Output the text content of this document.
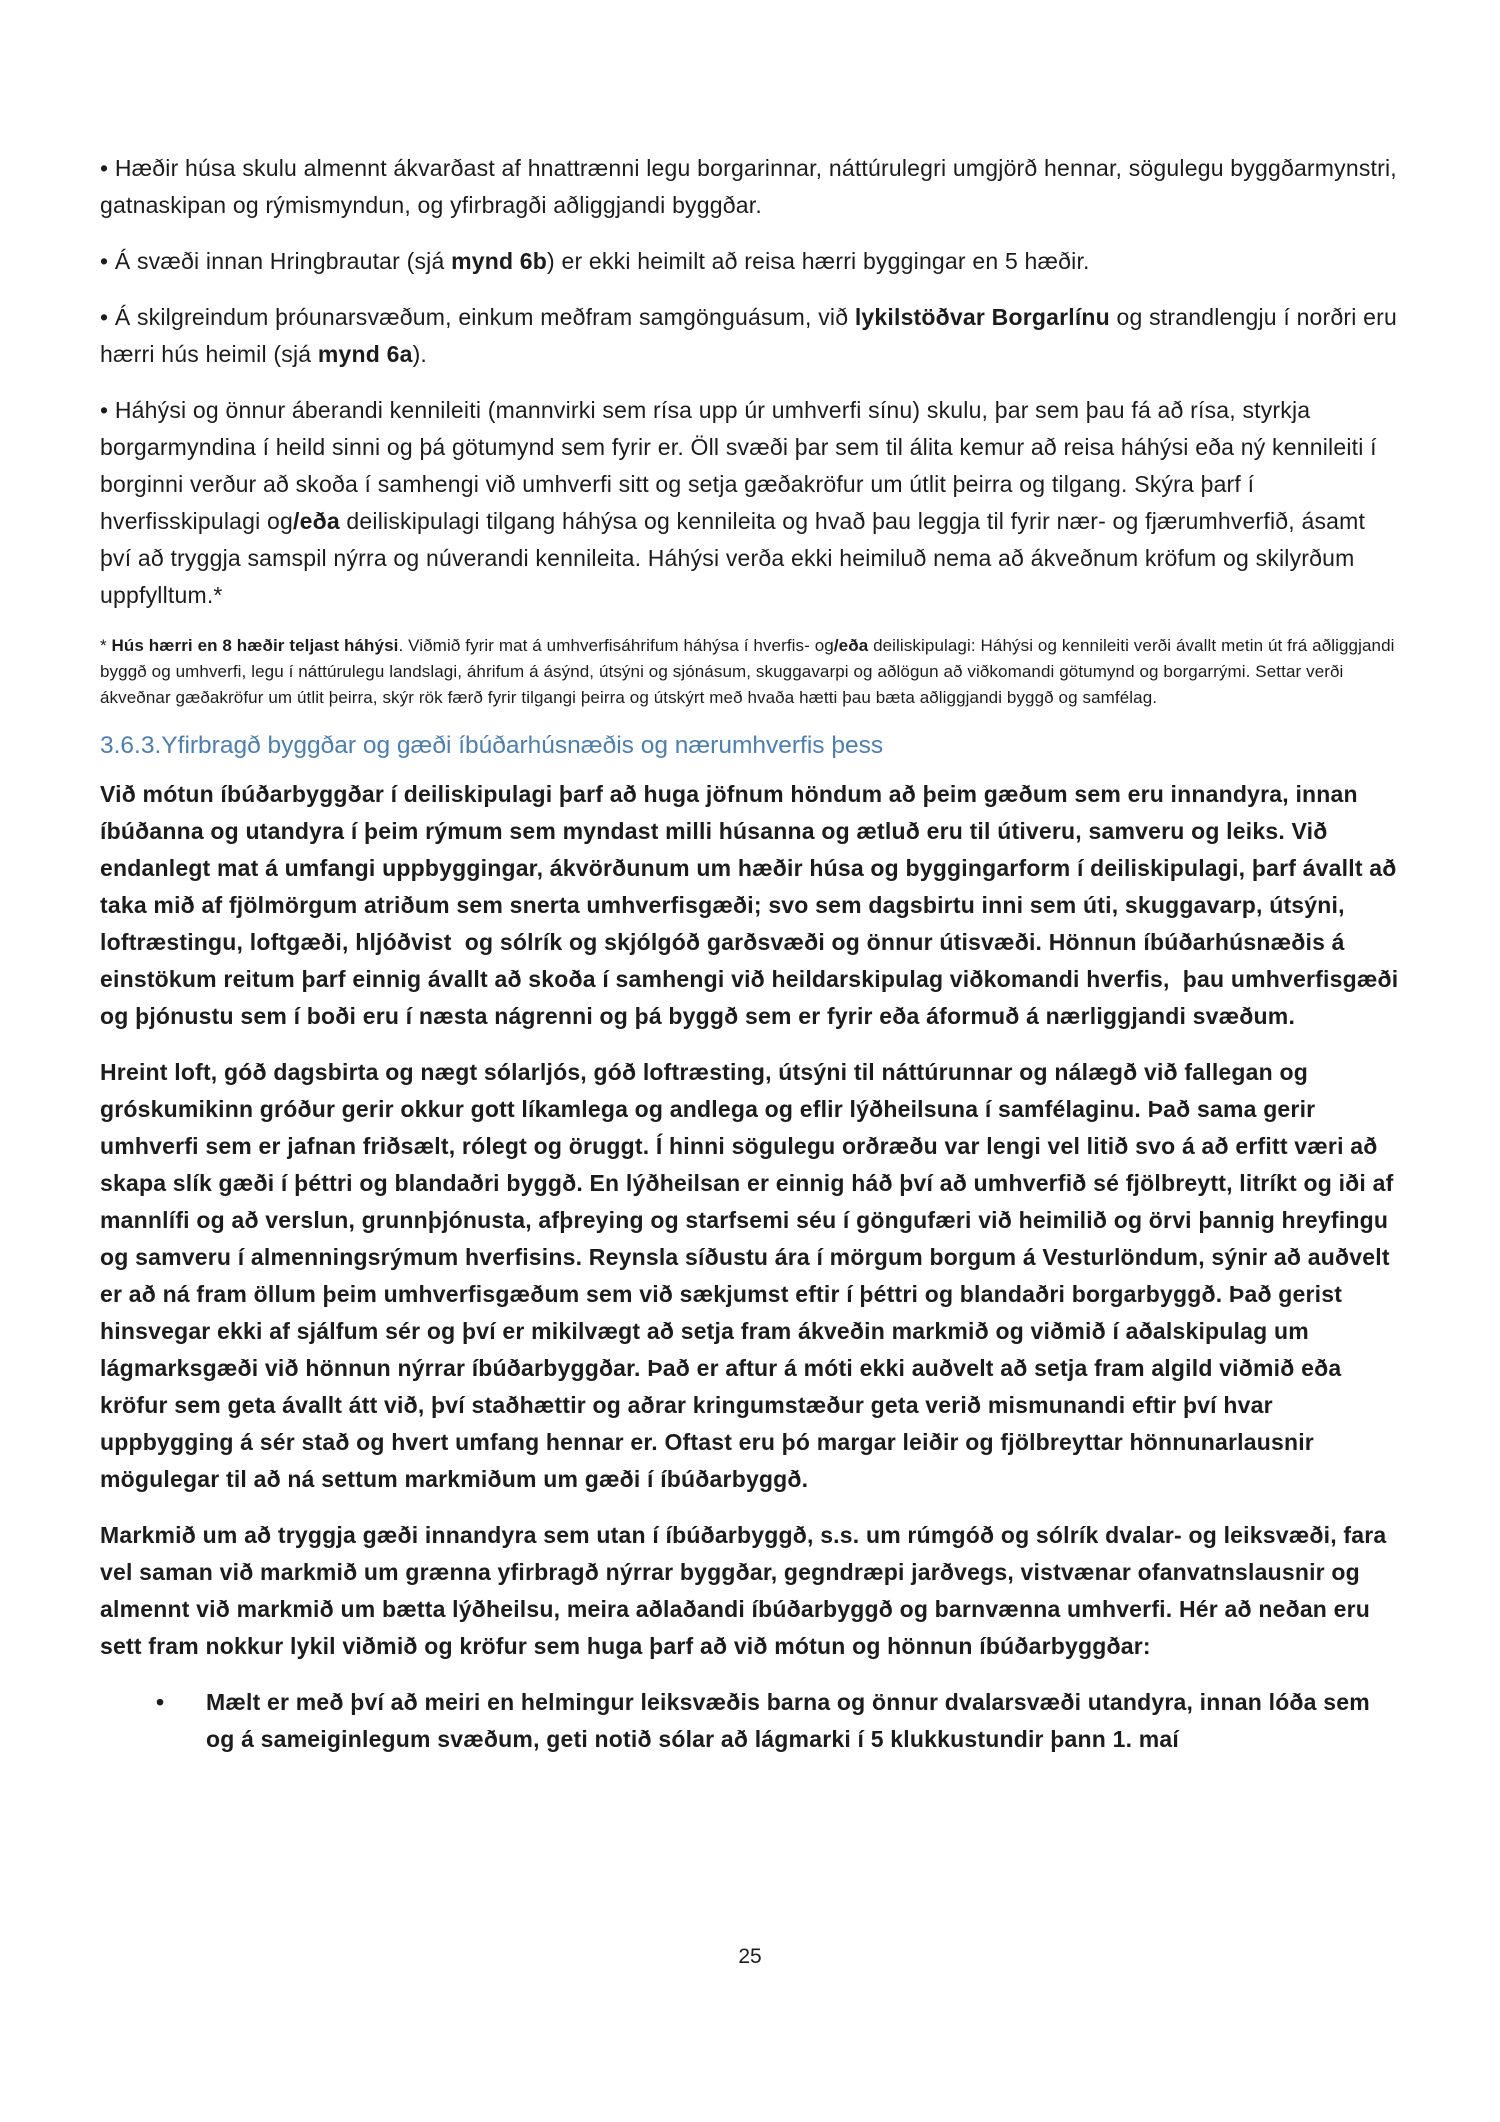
• Hæðir húsa skulu almennt ákvarðast af hnattrænni legu borgarinnar, náttúrulegri umgjörð hennar, sögulegu byggðarmynstri, gatnaskipan og rýmismyndun, og yfirbragði aðliggjandi byggðar.

• Á svæði innan Hringbrautar (sjá mynd 6b) er ekki heimilt að reisa hærri byggingar en 5 hæðir.

• Á skilgreindum þróunarsvæðum, einkum meðfram samgönguásum, við lykilstöðvar Borgarlínu og strandlengju í norðri eru hærri hús heimil (sjá mynd 6a).

• Háhýsi og önnur áberandi kennileiti (mannvirki sem rísa upp úr umhverfi sínu) skulu, þar sem þau fá að rísa, styrkja borgarmyndina í heild sinni og þá götumynd sem fyrir er. Öll svæði þar sem til álita kemur að reisa háhýsi eða ný kennileiti í borginni verður að skoða í samhengi við umhverfi sitt og setja gæðakröfur um útlit þeirra og tilgang. Skýra þarf í hverfisskipulagi og/eða deiliskipulagi tilgang háhýsa og kennileita og hvað þau leggja til fyrir nær- og fjærumhverfið, ásamt því að tryggja samspil nýrra og núverandi kennileita. Háhýsi verða ekki heimiluð nema að ákveðnum kröfum og skilyrðum uppfylltum.*

* Hús hærri en 8 hæðir teljast háhýsi. Viðmið fyrir mat á umhverfisáhrifum háhýsa í hverfis- og/eða deiliskipulagi: Háhýsi og kennileiti verði ávallt metin út frá aðliggjandi byggð og umhverfi, legu í náttúrulegu landslagi, áhrifum á ásýnd, útsýni og sjónásum, skuggavarpi og aðlögun að viðkomandi götumynd og borgarrými. Settar verði ákveðnar gæðakröfur um útlit þeirra, skýr rök færð fyrir tilgangi þeirra og útskýrt með hvaða hætti þau bæta aðliggjandi byggð og samfélag.

3.6.3.Yfirbragð byggðar og gæði íbúðarhúsnæðis og nærumhverfis þess

Við mótun íbúðarbyggðar í deiliskipulagi þarf að huga jöfnum höndum að þeim gæðum sem eru innandyra, innan íbúðanna og utandyra í þeim rýmum sem myndast milli húsanna og ætluð eru til útiveru, samveru og leiks. Við endanlegt mat á umfangi uppbyggingar, ákvörðunum um hæðir húsa og byggingarform í deiliskipulagi, þarf ávallt að taka mið af fjölmörgum atriðum sem snerta umhverfisgæði; svo sem dagsbirtu inni sem úti, skuggavarp, útsýni, loftræstingu, loftgæði, hljóðvist  og sólrík og skjólgóð garðsvæði og önnur útisvæði. Hönnun íbúðarhúsnæðis á einstökum reitum þarf einnig ávallt að skoða í samhengi við heildarskipulag viðkomandi hverfis,  þau umhverfisgæði og þjónustu sem í boði eru í næsta nágrenni og þá byggð sem er fyrir eða áformuð á nærliggjandi svæðum.

Hreint loft, góð dagsbirta og nægt sólarljós, góð loftræsting, útsýni til náttúrunnar og nálægð við fallegan og gróskumikinn gróður gerir okkur gott líkamlega og andlega og eflir lýðheilsuna í samfélaginu. Það sama gerir umhverfi sem er jafnan friðsælt, rólegt og öruggt. Í hinni sögulegu orðræðu var lengi vel litið svo á að erfitt væri að skapa slík gæði í þéttri og blandaðri byggð. En lýðheilsan er einnig háð því að umhverfið sé fjölbreytt, litríkt og iði af mannlífi og að verslun, grunnþjónusta, afþreying og starfsemi séu í göngufæri við heimilið og örvi þannig hreyfingu og samveru í almenningsrýmum hverfisins. Reynsla síðustu ára í mörgum borgum á Vesturlöndum, sýnir að auðvelt er að ná fram öllum þeim umhverfisgæðum sem við sækjumst eftir í þéttri og blandaðri borgarbyggð. Það gerist hinsvegar ekki af sjálfum sér og því er mikilvægt að setja fram ákveðin markmið og viðmið í aðalskipulag um lágmarksgæði við hönnun nýrrar íbúðarbyggðar. Það er aftur á móti ekki auðvelt að setja fram algild viðmið eða kröfur sem geta ávallt átt við, því staðhættir og aðrar kringumstæður geta verið mismunandi eftir því hvar uppbygging á sér stað og hvert umfang hennar er. Oftast eru þó margar leiðir og fjölbreyttar hönnunarlausnir mögulegar til að ná settum markmiðum um gæði í íbúðarbyggð.

Markmið um að tryggja gæði innandyra sem utan í íbúðarbyggð, s.s. um rúmgóð og sólrík dvalar- og leiksvæði, fara vel saman við markmið um grænna yfirbragð nýrrar byggðar, gegndræpi jarðvegs, vistvænar ofanvatnslausnir og almennt við markmið um bætta lýðheilsu, meira aðlaðandi íbúðarbyggð og barnvænna umhverfi. Hér að neðan eru sett fram nokkur lykil viðmið og kröfur sem huga þarf að við mótun og hönnun íbúðarbyggðar:

•	Mælt er með því að meiri en helmingur leiksvæðis barna og önnur dvalarsvæði utandyra, innan lóða sem og á sameiginlegum svæðum, geti notið sólar að lágmarki í 5 klukkustundir þann 1. maí
25
